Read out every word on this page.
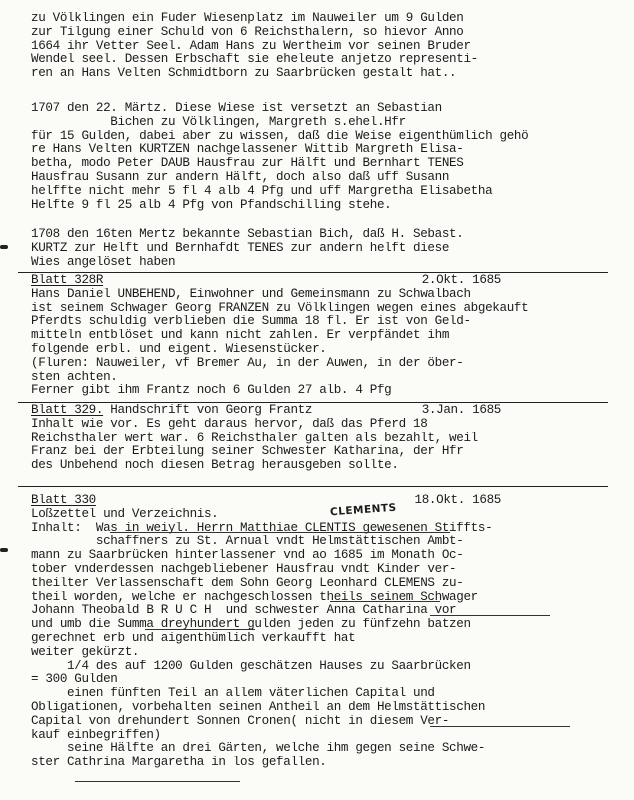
zu Völklingen ein Fuder Wiesenplatz im Nauweiler um 9 Gulden
zur Tilgung einer Schuld von 6 Reichsthalern, so hievor Anno
1664 ihr Vetter Seel. Adam Hans zu Wertheim vor seinen Bruder
Wendel seel. Dessen Erbschaft sie eheleute anjetzo representi-
ren an Hans Velten Schmidtborn zu Saarbrücken gestalt hat..
1707 den 22. Märtz. Diese Wiese ist versetzt an Sebastian
Bichen zu Völklingen, Margreth s.ehel.Hfr
für 15 Gulden, dabei aber zu wissen, daß die Weise eigenthümlich gehö
re Hans Velten KURTZEN nachgelassener Wittib Margreth Elisa-
betha, modo Peter DAUB Hausfrau zur Hälft und Bernhart TENES
Hausfrau Susann zur andern Hälft, doch also daß uff Susann
helffte nicht mehr 5 fl 4 alb 4 Pfg und uff Margretha Elisabetha
Helfte 9 fl 25 alb 4 Pfg von Pfandschilling stehe.
1708 den 16ten Mertz bekannte Sebastian Bich, daß H. Sebast.
KURTZ zur Helft und Bernhafdt TENES zur andern helft diese
Wies angelöset haben
Blatt 328R	2.Okt. 1685
Hans Daniel UNBEHEND, Einwohner und Gemeinsmann zu Schwalbach
ist seinem Schwager Georg FRANZEN zu Völklingen wegen eines abgekauft
Pferdts schuldig verblieben die Summa 18 fl. Er ist von Geld-
mitteln entblöset und kann nicht zahlen. Er verpfändet ihm
folgende erbl. und eigent. Wiesenstücker.
(Fluren: Nauweiler, vf Bremer Au, in der Auwen, in der öber-
sten achten.
Ferner gibt ihm Frantz noch 6 Gulden 27 alb. 4 Pfg
Blatt 329. Handschrift von Georg Frantz	3.Jan. 1685
Inhalt wie vor. Es geht daraus hervor, daß das Pferd 18
Reichsthaler wert war. 6 Reichsthaler galten als bezahlt, weil
Franz bei der Erbteilung seiner Schwester Katharina, der Hfr
des Unbehend noch diesen Betrag herausgeben sollte.
CLEMENTS
Blatt 330	18.Okt. 1685
Loßzettel und Verzeichnis.
Inhalt:  Was in weiyl. Herrn Matthiae CLENTIS gewesenen Stiffts-
schaffners zu St. Arnual vndt Helmstättischen Ambt-
mann zu Saarbrücken hinterlassener vnd ao 1685 im Monath Oc-
tober vnderdessen nachgebliebener Hausfrau vndt Kinder ver-
theilter Verlassenschaft dem Sohn Georg Leonhard CLEMENS zu-
theil worden, welche er nachgeschlossen theils seinem Schwager
Johann Theobald B R U C H  und schwester Anna Catharina vor
und umb die Summa dreyhundert gulden jeden zu fünfzehn batzen
gerechnet erb und aigenthümlich verkaufft hat
weiter gekürzt.
1/4 des auf 1200 Gulden geschätzen Hauses zu Saarbrücken
= 300 Gulden
einen fünften Teil an allem väterlichen Capital und
Obligationen, vorbehalten seinen Antheil an dem Helmstättischen
Capital von drehundert Sonnen Cronen( nicht in diesem Ver-
kauf einbegriffen)
seine Hälfte an drei Gärten, welche ihm gegen seine Schwe-
ster Cathrina Margaretha in los gefallen.
